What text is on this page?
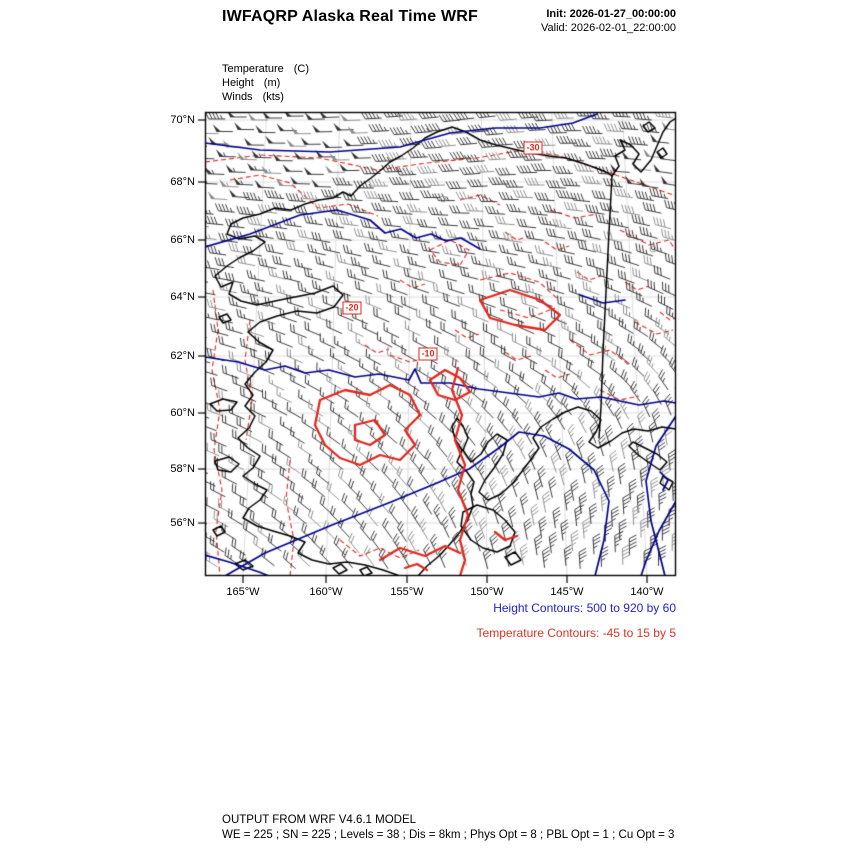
IWFAQRP Alaska Real Time WRF	Init: 2026-01-27_00:00:00
Valid: 2026-02-01_22:00:00
Temperature (C)
Height (m)
Winds (kts)
70°N
68°N
66°N
64°N
62°N
60°N
58°N
56°N
165°W	160°W	155°W	150°W	145°W	140°W
-30
-20
-10
Height Contours: 500 to 920 by 60
Temperature Contours: -45 to 15 by 5
OUTPUT FROM WRF V4.6.1 MODEL
WE = 225 ; SN = 225 ; Levels = 38 ; Dis = 8km ; Phys Opt = 8 ; PBL Opt = 1 ; Cu Opt = 3
